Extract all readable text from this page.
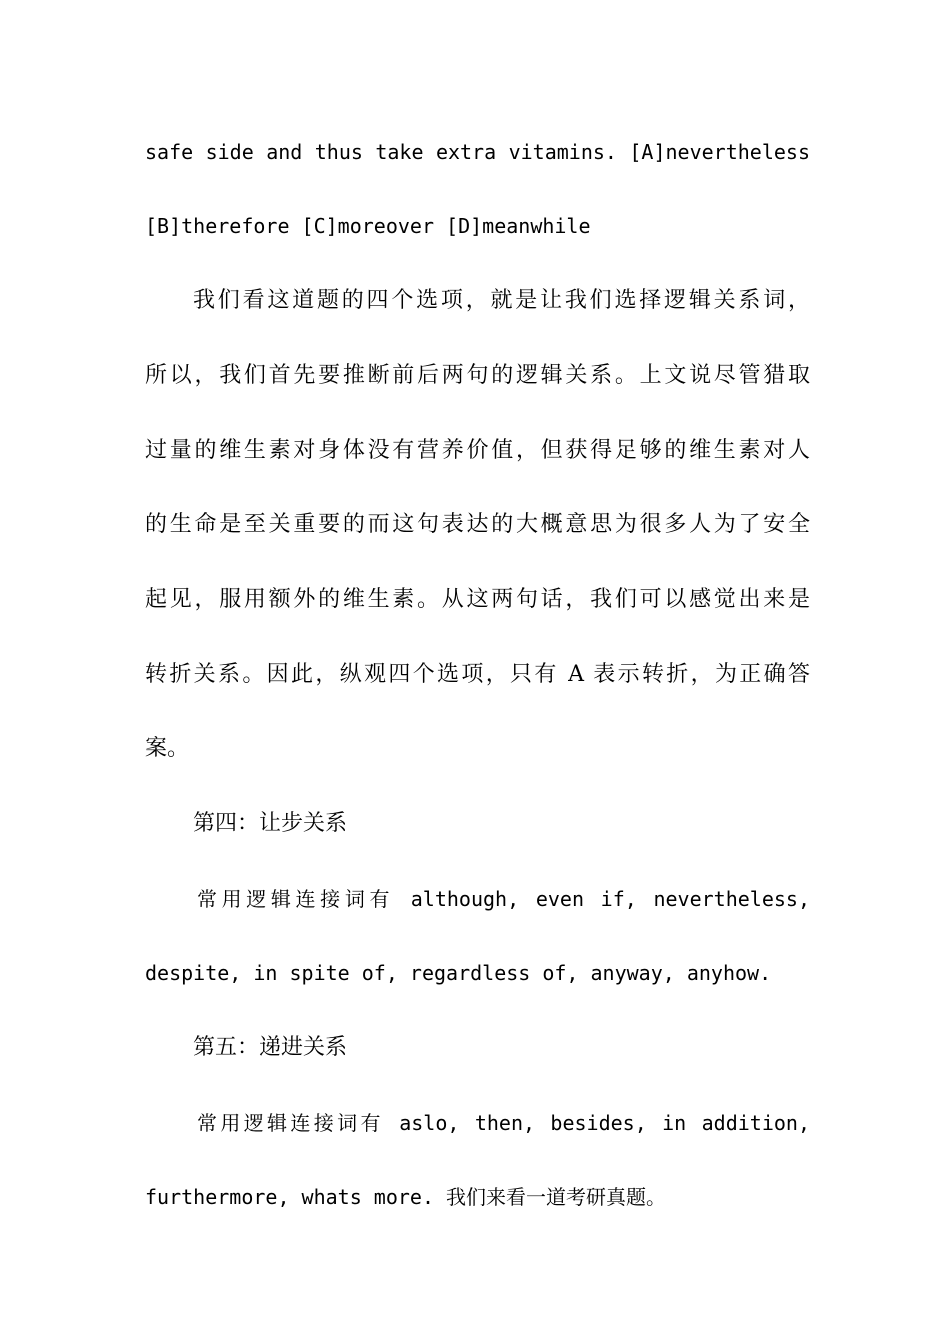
safe side and thus take extra vitamins. [A]nevertheless
[B]therefore [C]moreover [D]meanwhile
我们看这道题的四个选项，就是让我们选择逻辑关系词，
所以，我们首先要推断前后两句的逻辑关系。上文说尽管猎取
过量的维生素对身体没有营养价值，但获得足够的维生素对人
的生命是至关重要的而这句表达的大概意思为很多人为了安全
起见，服用额外的维生素。从这两句话，我们可以感觉出来是
转折关系。因此，纵观四个选项，只有 A 表示转折，为正确答
案。
第四：让步关系
常用逻辑连接词有 although, even if, nevertheless,
despite, in spite of, regardless of, anyway, anyhow.
第五：递进关系
常用逻辑连接词有 aslo, then, besides, in addition,
furthermore, whats more. 我们来看一道考研真题。
